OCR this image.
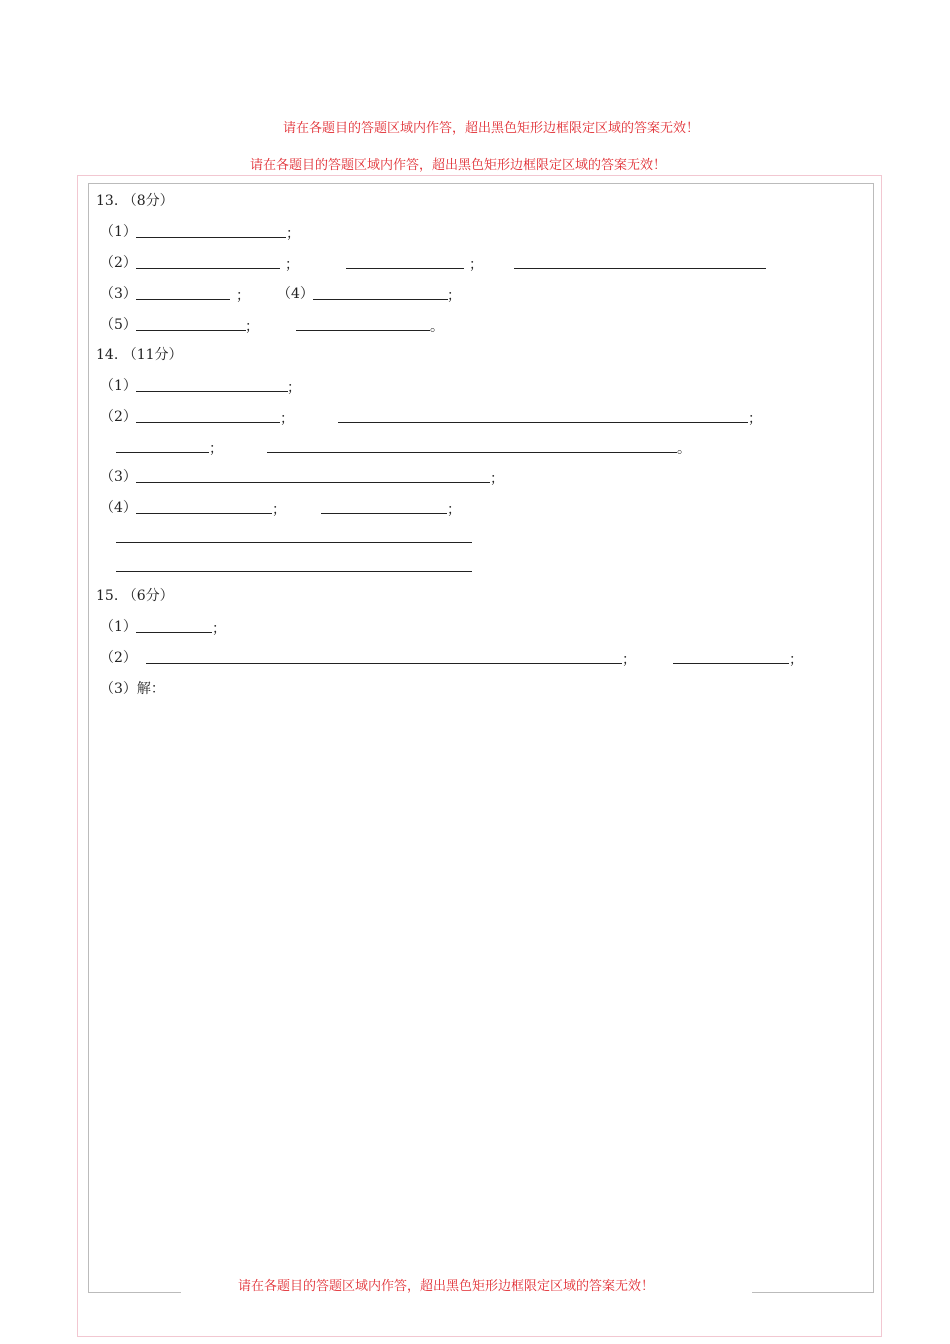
请在各题目的答题区域内作答，超出黑色矩形边框限定区域的答案无效！
请在各题目的答题区域内作答，超出黑色矩形边框限定区域的答案无效！
请在各题目的答题区域内作答，超出黑色矩形边框限定区域的答案无效！
13. （8分）
（1）	；
（2）	；	；
（3）	； （4）	；
（5）	；	。
14. （11分）
（1）	；
（2）	；	；
；	。
（3）	；
（4）	；	；
15. （6分）
（1）	；
（2）	；	；
（3）解：
